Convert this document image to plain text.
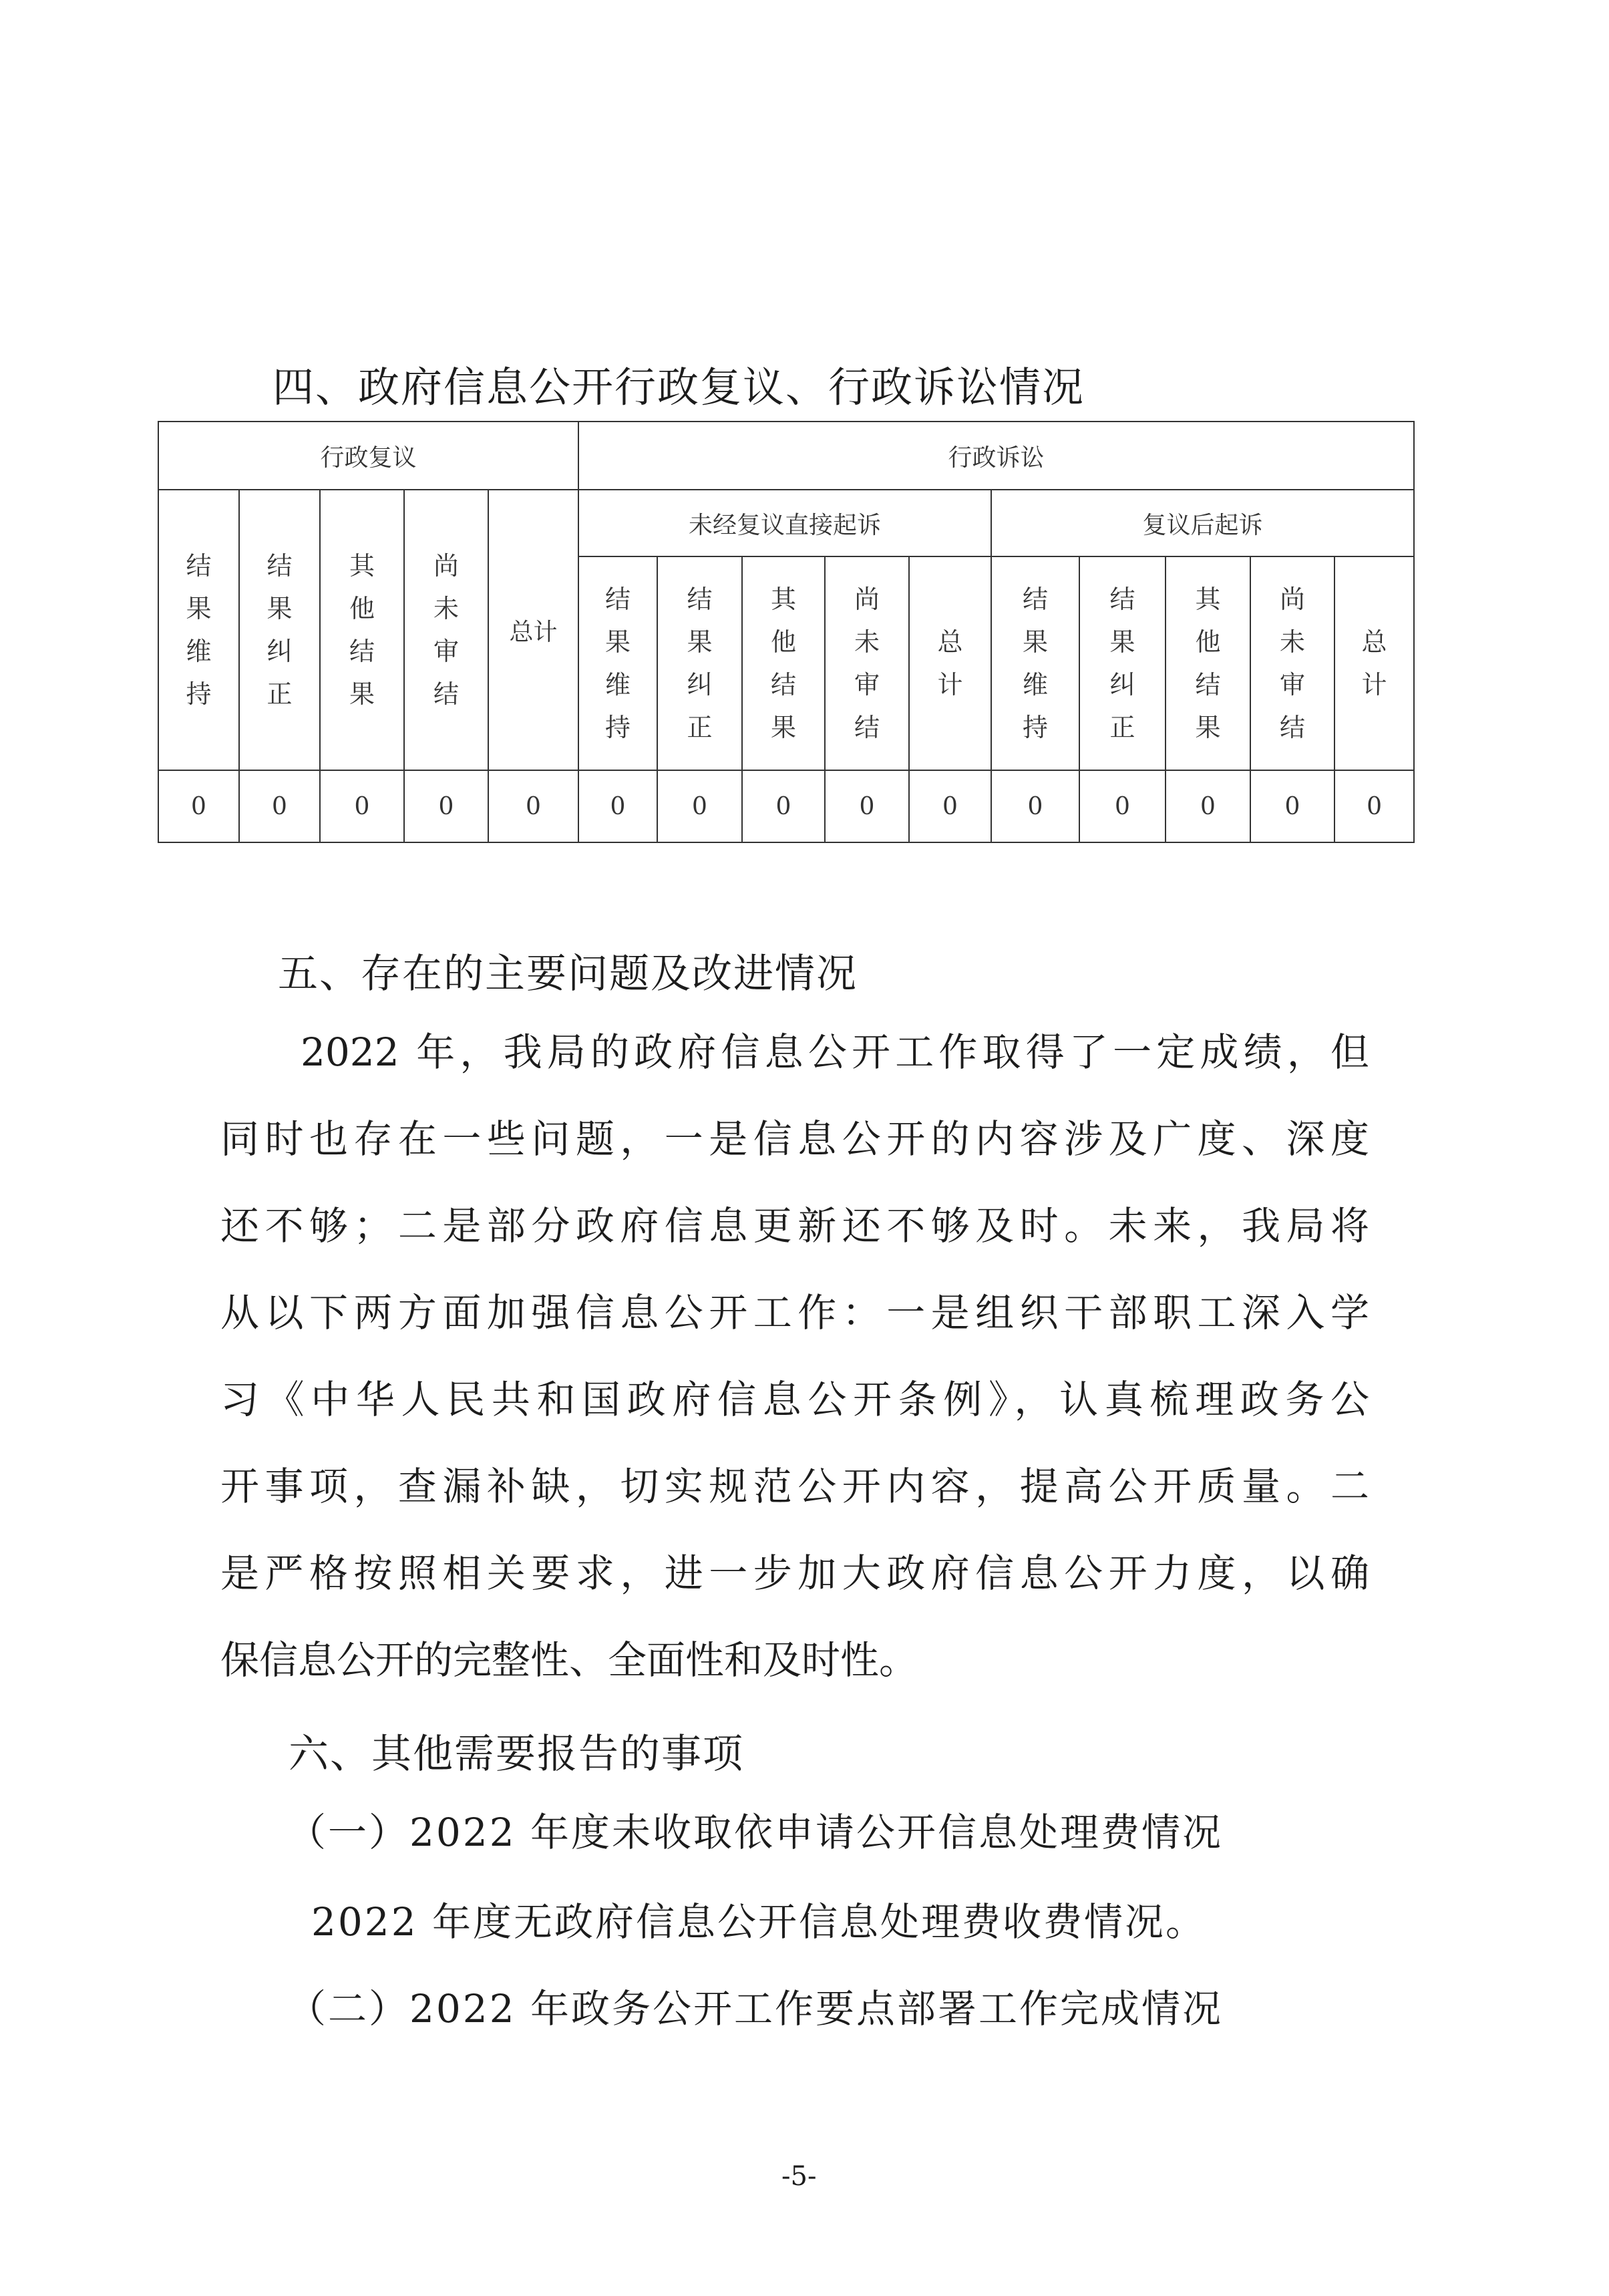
四、政府信息公开行政复议、行政诉讼情况
行政复议					行政诉讼									
结果维持	结果纠正	其他结果	尚未审结	总计	未经复议直接起诉					复议后起诉				
					结果维持	结果纠正	其他结果	尚未审结	总计	结果维持	结果纠正	其他结果	尚未审结	总计
0	0	0	0	0	0	0	0	0	0	0	0	0	0	0
五、存在的主要问题及改进情况
2022 年，我局的政府信息公开工作取得了一定成绩，但
同时也存在一些问题，一是信息公开的内容涉及广度、深度
还不够；二是部分政府信息更新还不够及时。未来，我局将
从以下两方面加强信息公开工作：一是组织干部职工深入学
习《中华人民共和国政府信息公开条例》，认真梳理政务公
开事项，查漏补缺，切实规范公开内容，提高公开质量。二
是严格按照相关要求，进一步加大政府信息公开力度，以确
保信息公开的完整性、全面性和及时性。
六、其他需要报告的事项
（一）2022 年度未收取依申请公开信息处理费情况
2022 年度无政府信息公开信息处理费收费情况。
（二）2022 年政务公开工作要点部署工作完成情况
-5-
